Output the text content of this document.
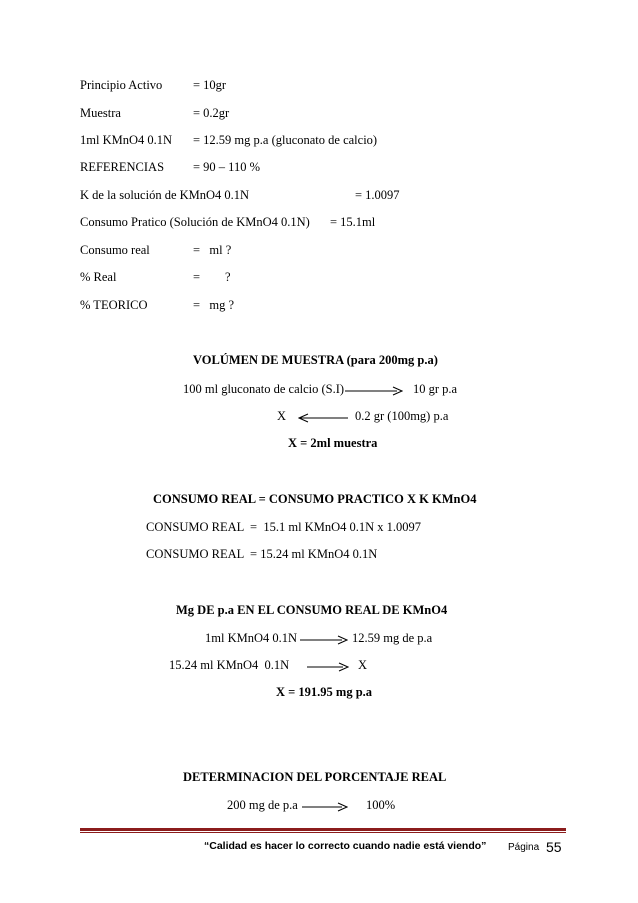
Principio Activo = 10gr
Muestra	= 0.2gr
1ml KMnO4 0.1N = 12.59 mg p.a (gluconato de calcio)
REFERENCIAS = 90 – 110 %
K de la solución de KMnO4 0.1N	= 1.0097
Consumo Pratico (Solución de KMnO4 0.1N) = 15.1ml
Consumo real	=   ml ?
% Real	=        ?
% TEORICO	=   mg ?
VOLÚMEN DE MUESTRA (para 200mg p.a)
100 ml gluconato de calcio (S.I)	10 gr p.a
X	0.2 gr (100mg) p.a
X = 2ml muestra
CONSUMO REAL = CONSUMO PRACTICO X K KMnO4
CONSUMO REAL  =  15.1 ml KMnO4 0.1N x 1.0097
CONSUMO REAL  = 15.24 ml KMnO4 0.1N
Mg DE p.a EN EL CONSUMO REAL DE KMnO4
1ml KMnO4 0.1N	12.59 mg de p.a
15.24 ml KMnO4  0.1N	X
X = 191.95 mg p.a
DETERMINACION DEL PORCENTAJE REAL
200 mg de p.a	100%
“Calidad es hacer lo correcto cuando nadie está viendo” Página 55
